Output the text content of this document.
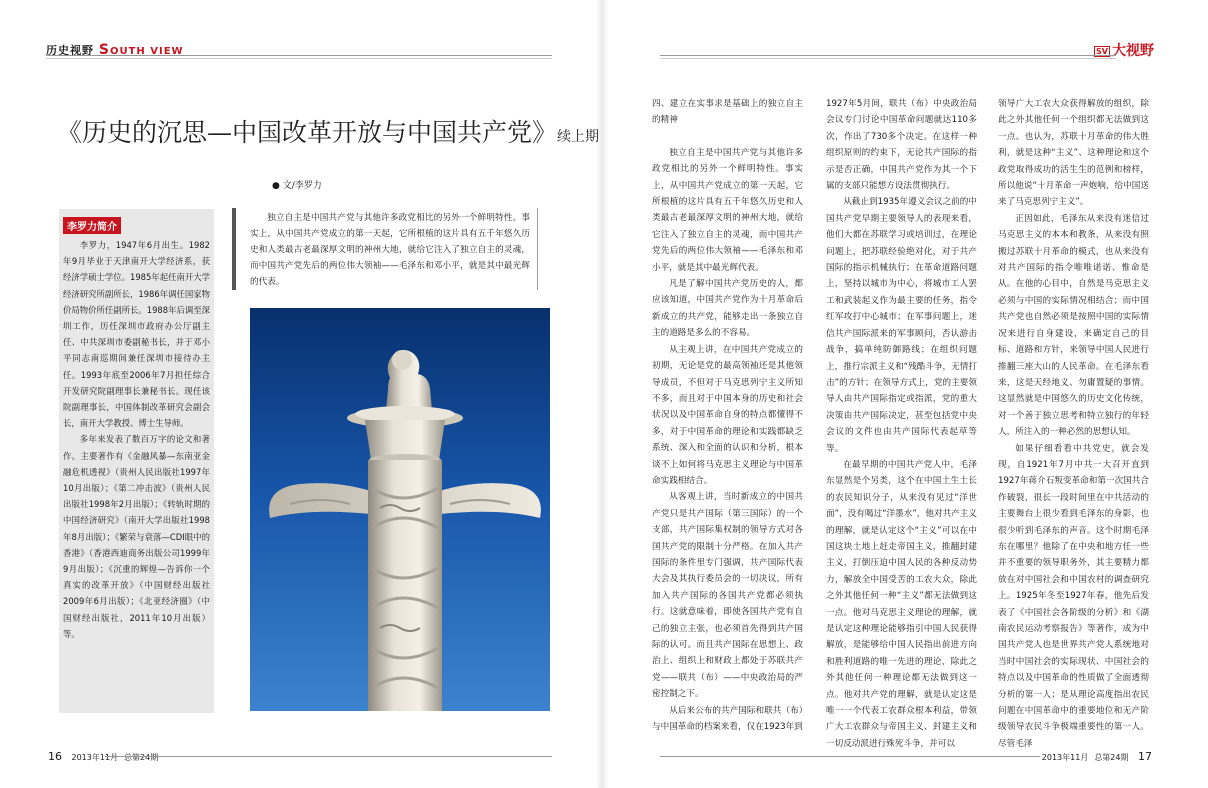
历史视野 SOUTH VIEW
《历史的沉思—中国改革开放与中国共产党》续上期
● 文/李罗力
李罗力简介

李罗力，1947年6月出生。1982年9月毕业于天津南开大学经济系，获经济学硕士学位。1985年起任南开大学经济研究所副所长，1986年调任国家物价局物价所任副所长。1988年后调至深圳工作，历任深圳市政府办公厅副主任、中共深圳市委副秘书长，并于邓小平同志南巡期间兼任深圳市接待办主任。1993年底至2006年7月担任综合开发研究院副理事长兼秘书长。现任该院副理事长，中国体制改革研究会副会长，南开大学教授、博士生导师。

多年来发表了数百万字的论文和著作。主要著作有《金融风暴—东南亚金融危机透视》（贵州人民出版社1997年10月出版）；《第二冲击波》（贵州人民出版社1998年2月出版）；《转轨时期的中国经济研究》（南开大学出版社1998年8月出版）；《繁荣与衰落—CDI眼中的香港》（香港西迪商务出版公司1999年9月出版）；《沉重的辉煌—告诉你一个真实的改革开放》（中国财经出版社2009年6月出版）；《北亚经济圈》（中国财经出版社，2011年10月出版）等。

独立自主是中国共产党与其他许多政党相比的另外一个鲜明特性。事实上，从中国共产党成立的第一天起，它所根植的这片具有五千年悠久历史和人类最古老最深厚文明的神州大地，就给它注入了独立自主的灵魂，而中国共产党先后的两位伟大领袖——毛泽东和邓小平，就是其中最光辉的代表。

16 2013年11月 总第24期
SV 大视野
四、建立在实事求是基础上的独立自主的精神

独立自主是中国共产党与其他许多政党相比的另外一个鲜明特性。事实上，从中国共产党成立的第一天起，它所根植的这片具有五千年悠久历史和人类最古老最深厚文明的神州大地，就给它注入了独立自主的灵魂，而中国共产党先后的两位伟大领袖——毛泽东和邓小平，就是其中最光辉代表。

凡是了解中国共产党历史的人，都应该知道，中国共产党作为十月革命后新成立的共产党，能够走出一条独立自主的道路是多么的不容易。

从主观上讲，在中国共产党成立的初期，无论是党的最高领袖还是其他领导成员，不但对于马克思列宁主义所知不多，而且对于中国本身的历史和社会状况以及中国革命自身的特点都懂得不多，对于中国革命的理论和实践都缺乏系统、深入和全面的认识和分析，根本谈不上如何将马克思主义理论与中国革命实践相结合。

从客观上讲，当时新成立的中国共产党只是共产国际（第三国际）的一个支部，共产国际集权制的领导方式对各国共产党的限制十分严格。在加入共产国际的条件里专门强调，共产国际代表大会及其执行委员会的一切决议，所有加入共产国际的各国共产党都必须执行。这就意味着，即使各国共产党有自己的独立主张，也必须首先得到共产国际的认可。而且共产国际在思想上、政治上、组织上和财政上都处于苏联共产党——联共（布）——中央政治局的严密控制之下。

从后来公布的共产国际和联共（布）与中国革命的档案来看，仅在1923年到

1927年5月间，联共（布）中央政治局会议专门讨论中国革命问题就达110多次，作出了730多个决定。在这样一种组织原则的约束下，无论共产国际的指示是否正确，中国共产党作为其一个下属的支部只能想方设法贯彻执行。

从截止到1935年遵义会议之前的中国共产党早期主要领导人的表现来看，他们大都在苏联学习或培训过，在理论问题上，把苏联经验绝对化，对于共产国际的指示机械执行；在革命道路问题上，坚持以城市为中心，将城市工人罢工和武装起义作为最主要的任务，指令红军攻打中心城市；在军事问题上，迷信共产国际派来的军事顾问，否认游击战争，搞单纯防御路线；在组织问题上，推行宗派主义和“残酷斗争，无情打击”的方针；在领导方式上，党的主要领导人由共产国际指定或指派，党的重大决策由共产国际决定，甚至包括党中央会议的文件也由共产国际代表起草等等。

在最早期的中国共产党人中，毛泽东显然是个另类，这个在中国土生土长的农民知识分子，从来没有见过“洋世面”，没有喝过“洋墨水”，他对共产主义的理解，就是认定这个“主义”可以在中国这块土地上赶走帝国主义，推翻封建主义，打倒压迫中国人民的各种反动势力，解放全中国受苦的工农大众，除此之外其他任何一种“主义”都无法做到这一点。他对马克思主义理论的理解，就是认定这种理论能够指引中国人民获得解放，是能够给中国人民指出前进方向和胜利道路的唯一先进的理论，除此之外其他任何一种理论都无法做到这一点。他对共产党的理解，就是认定这是唯一一个代表工农群众根本利益，带领广大工农群众与帝国主义、封建主义和一切反动派进行殊死斗争，并可以

领导广大工农大众获得解放的组织，除此之外其他任何一个组织都无法做到这一点。也认为，苏联十月革命的伟大胜利，就是这种“主义”、这种理论和这个政党取得成功的活生生的范例和榜样，所以他说“十月革命一声炮响，给中国送来了马克思列宁主义”。

正因如此，毛泽东从来没有迷信过马克思主义的本本和教条，从来没有照搬过苏联十月革命的模式，也从来没有对共产国际的指令唯唯诺诺、惟命是从。在他的心目中，自然是马克思主义必须与中国的实际情况相结合；而中国共产党也自然必须是按照中国的实际情况来进行自身建设，来确定自己的目标、道路和方针，来领导中国人民进行推翻三座大山的人民革命。在毛泽东看来，这是天经地义、勿庸置疑的事情。这显然就是中国悠久的历史文化传统，对一个善于独立思考和特立独行的年轻人，所注入的一种必然的思想认知。

如果仔细看看中共党史，就会发现，自1921年7月中共一大召开直到1927年蒋介石叛变革命和第一次国共合作破裂，很长一段时间里在中共活动的主要舞台上很少看到毛泽东的身影，也很少听到毛泽东的声音。这个时期毛泽东在哪里？他除了在中央和地方任一些并不重要的领导职务外，其主要精力都放在对中国社会和中国农村的调查研究上。1925年冬至1927年春，他先后发表了《中国社会各阶级的分析》和《湖南农民运动考察报告》等著作，成为中国共产党人也是世界共产党人系统地对当时中国社会的实际现状、中国社会的特点以及中国革命的性质做了全面透彻分析的第一人；是从理论高度指出农民问题在中国革命中的重要地位和无产阶级领导农民斗争极端重要性的第一人。尽管毛泽

2013年11月 总第24期 17
